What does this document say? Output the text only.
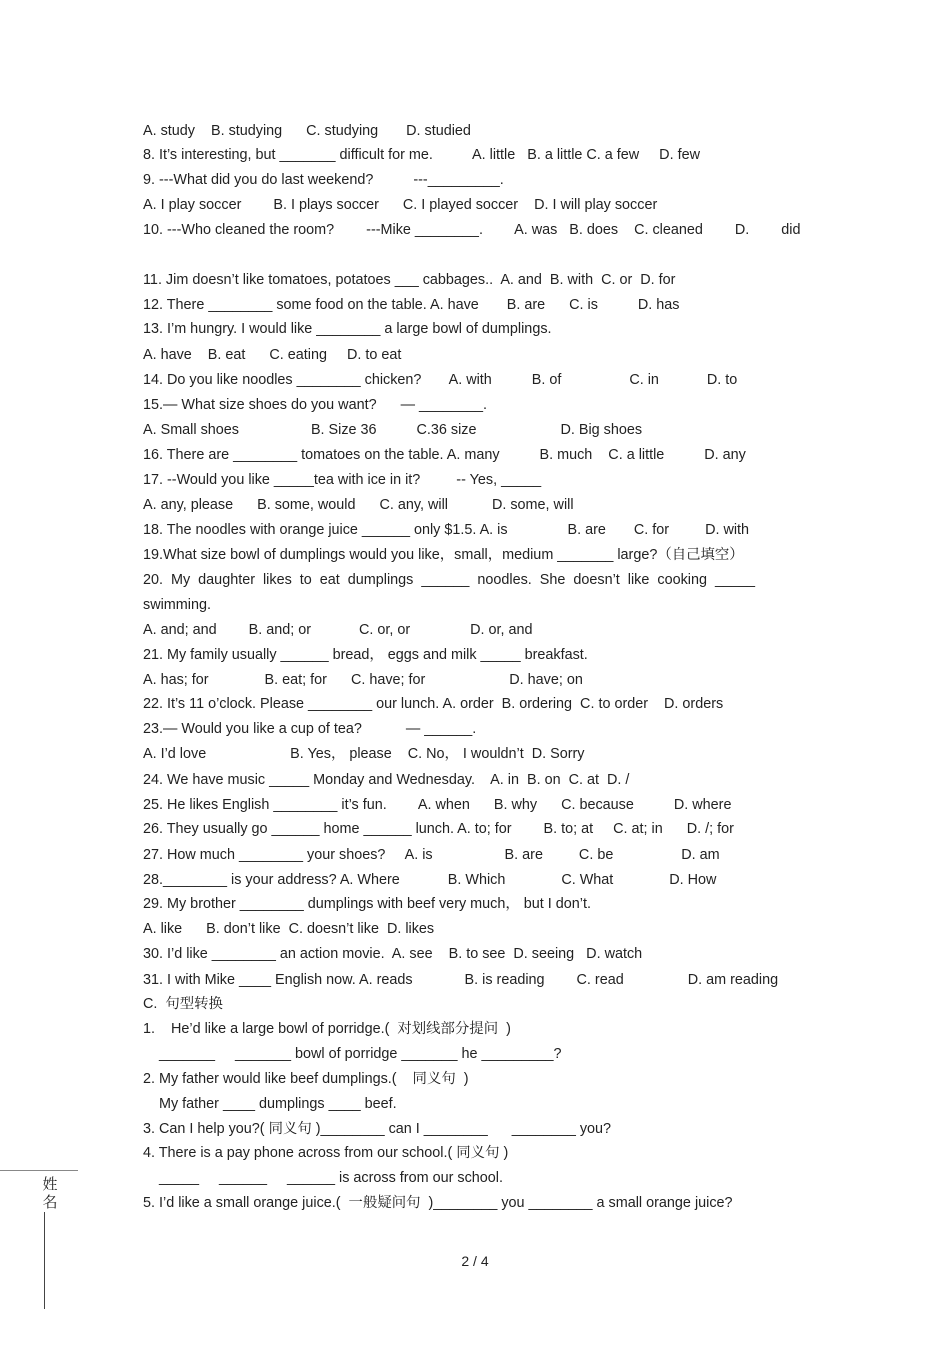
A. study    B. studying      C. studying       D. studied
8. It’s interesting, but _______ difficult for me.          A. little   B. a little C. a few     D. few
9. ---What did you do last weekend?          ---_________.
A. I play soccer        B. I plays soccer      C. I played soccer    D. I will play soccer
10. ---Who cleaned the room?        ---Mike ________.        A. was   B. does    C. cleaned        D.        did
11. Jim doesn’t like tomatoes, potatoes ___ cabbages..  A. and  B. with  C. or  D. for
12. There ________ some food on the table. A. have       B. are      C. is          D. has
13. I’m hungry. I would like ________ a large bowl of dumplings.
A. have    B. eat      C. eating     D. to eat
14. Do you like noodles ________ chicken?       A. with          B. of                 C. in            D. to
15.— What size shoes do you want?      — ________.
A. Small shoes                  B. Size 36          C.36 size                     D. Big shoes
16. There are ________ tomatoes on the table. A. many          B. much    C. a little          D. any
17. --Would you like _____tea with ice in it?         -- Yes, _____
A. any, please      B. some, would      C. any, will           D. some, will
18. The noodles with orange juice ______ only $1.5. A. is               B. are       C. for         D. with
19.What size bowl of dumplings would you like，small，medium _______ large?（自己填空）
20.  My  daughter  likes  to  eat  dumplings  ______  noodles.  She  doesn’t  like  cooking  _____
swimming.
A. and; and        B. and; or            C. or, or               D. or, and
21. My family usually ______ bread， eggs and milk _____ breakfast.
A. has; for              B. eat; for      C. have; for                     D. have; on
22. It’s 11 o’clock. Please ________ our lunch. A. order  B. ordering  C. to order    D. orders
23.— Would you like a cup of tea?           — ______.
A. I’d love                     B. Yes， please    C. No， I wouldn’t  D. Sorry
24. We have music _____ Monday and Wednesday.    A. in  B. on  C. at  D. /
25. He likes English ________ it’s fun.        A. when      B. why      C. because          D. where
26. They usually go ______ home ______ lunch. A. to; for        B. to; at     C. at; in      D. /; for
27. How much ________ your shoes?     A. is                  B. are         C. be                 D. am
28.________ is your address? A. Where            B. Which              C. What              D. How
29. My brother ________ dumplings with beef very much， but I don’t.
A. like      B. don’t like  C. doesn’t like  D. likes
30. I’d like ________ an action movie.  A. see    B. to see  D. seeing   D. watch
31. I with Mike ____ English now. A. reads             B. is reading        C. read                D. am reading
C.  句型转换
1.    He’d like a large bowl of porridge.(  对划线部分提问  )
_______     _______ bowl of porridge _______ he _________?
2. My father would like beef dumplings.(    同义句  )
My father ____ dumplings ____ beef.
3. Can I help you?( 同义句 )________ can I ________      ________ you?
4. There is a pay phone across from our school.( 同义句 )
_____     ______     ______ is across from our school.
5. I’d like a small orange juice.(  一般疑问句  )________ you ________ a small orange juice?
姓名
2 / 4
